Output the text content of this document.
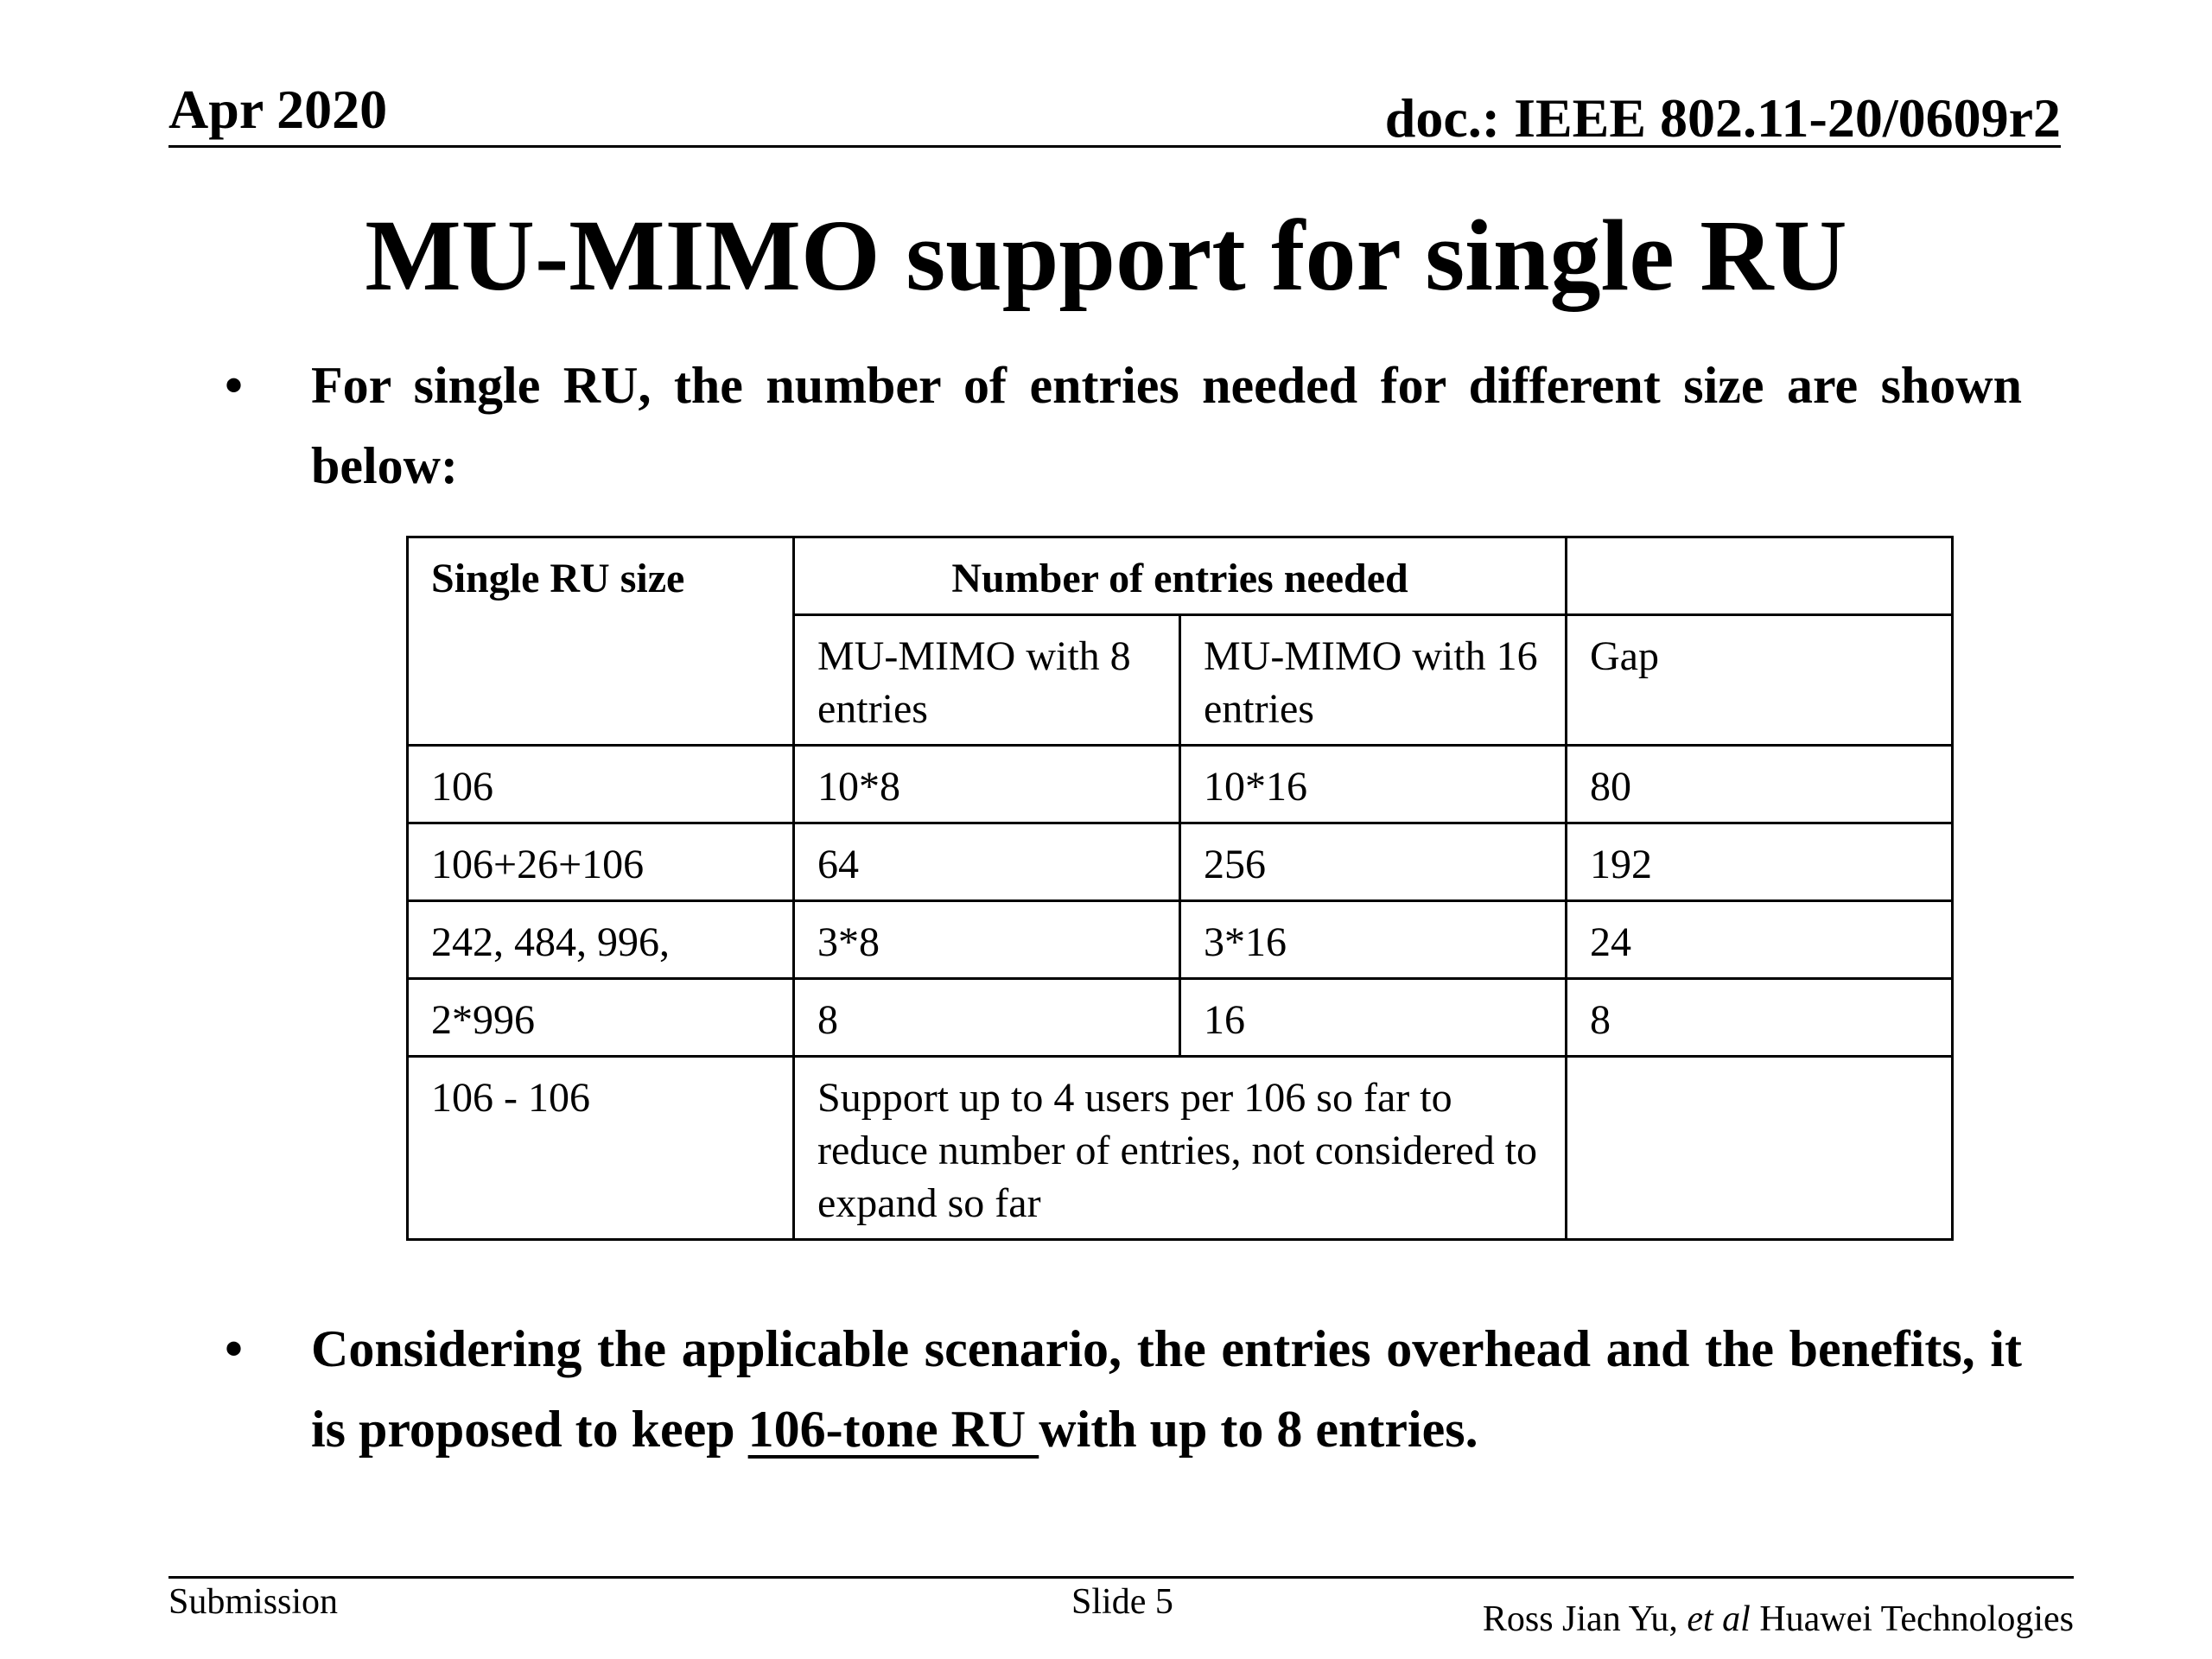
Apr 2020	doc.: IEEE 802.11-20/0609r2
MU-MIMO support for single RU
•	For single RU, the number of entries needed for different size are shown below:
Single RU size	Number of entries needed		
	MU-MIMO with 8 entries	MU-MIMO with 16 entries	Gap
106	10*8	10*16	80
106+26+106	64	256	192
242, 484, 996,	3*8	3*16	24
2*996	8	16	8
106 - 106	Support up to 4 users per 106 so far to reduce number of entries, not considered to expand so far		
•	Considering the applicable scenario, the entries overhead and the benefits, it is proposed to keep 106-tone RU with up to 8 entries.
Submission	Slide 5	Ross Jian Yu, et al Huawei Technologies
